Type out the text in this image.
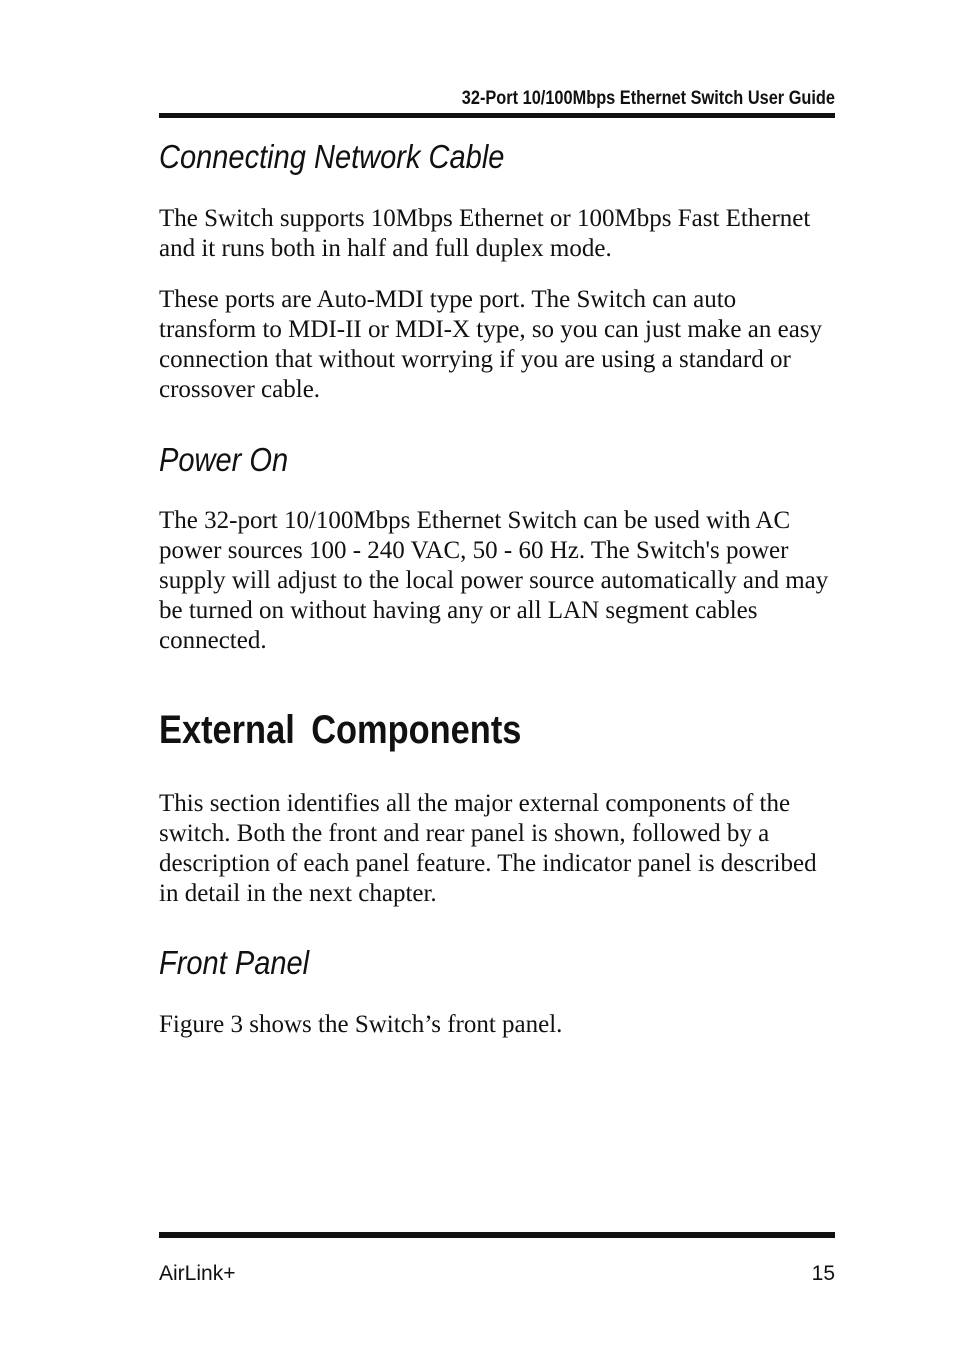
32-Port 10/100Mbps Ethernet Switch User Guide
Connecting Network Cable

The Switch supports 10Mbps Ethernet or 100Mbps Fast Ethernet and it runs both in half and full duplex mode.

These ports are Auto-MDI type port. The Switch can auto transform to MDI-II or MDI-X type, so you can just make an easy connection that without worrying if you are using a standard or crossover cable.

Power On

The 32-port 10/100Mbps Ethernet Switch can be used with AC power sources 100 - 240 VAC, 50 - 60 Hz. The Switch's power supply will adjust to the local power source automatically and may be turned on without having any or all LAN segment cables connected.

External Components

This section identifies all the major external components of the switch. Both the front and rear panel is shown, followed by a description of each panel feature. The indicator panel is described in detail in the next chapter.

Front Panel

Figure 3 shows the Switch’s front panel.

AirLink+	15
